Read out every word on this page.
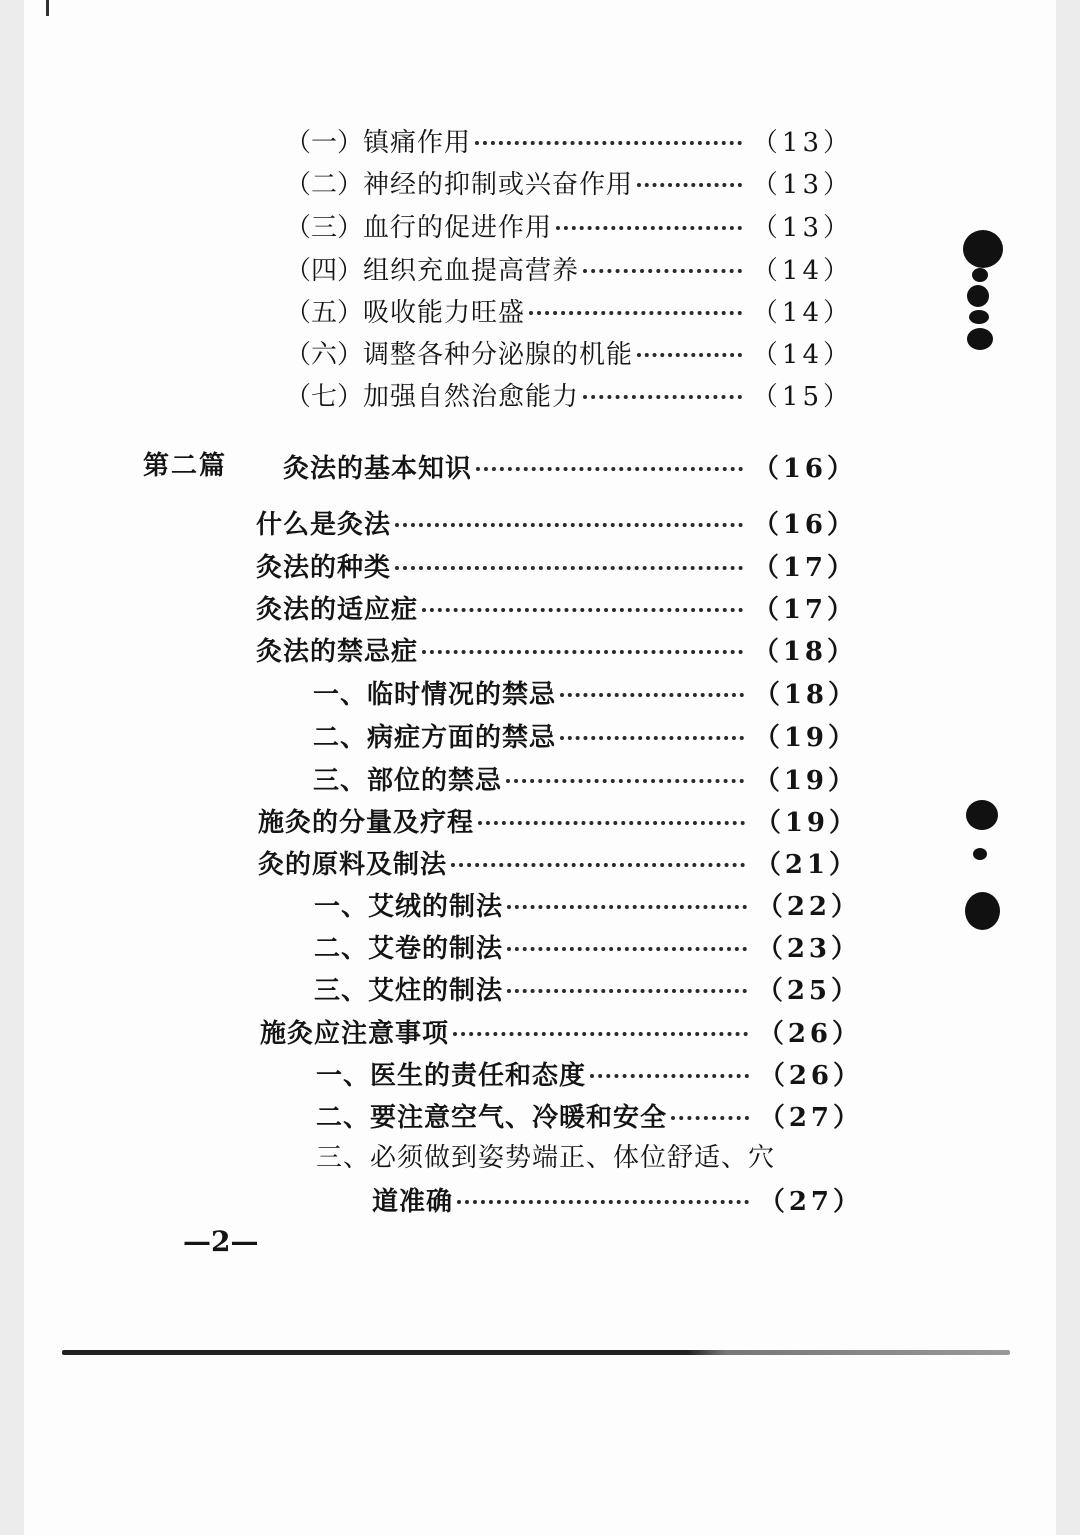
（一） 镇痛作用	（13）
（二） 神经的抑制或兴奋作用	（13）
（三） 血行的促进作用	（13）
（四） 组织充血提高营养	（14）
（五） 吸收能力旺盛	（14）
（六） 调整各种分泌腺的机能	（14）
（七） 加强自然治愈能力	（15）
第二篇 灸法的基本知识	（16）
什么是灸法	（16）
灸法的种类	（17）
灸法的适应症	（17）
灸法的禁忌症	（18）
一、临时情况的禁忌	（18）
二、病症方面的禁忌	（19）
三、部位的禁忌	（19）
施灸的分量及疗程	（19）
灸的原料及制法	（21）
一、艾绒的制法	（22）
二、艾卷的制法	（23）
三、艾炷的制法	（25）
施灸应注意事项	（26）
一、医生的责任和态度	（26）
二、要注意空气、冷暖和安全	（27）
三、必须做到姿势端正、体位舒适、穴
道准确	（27）
—2—
